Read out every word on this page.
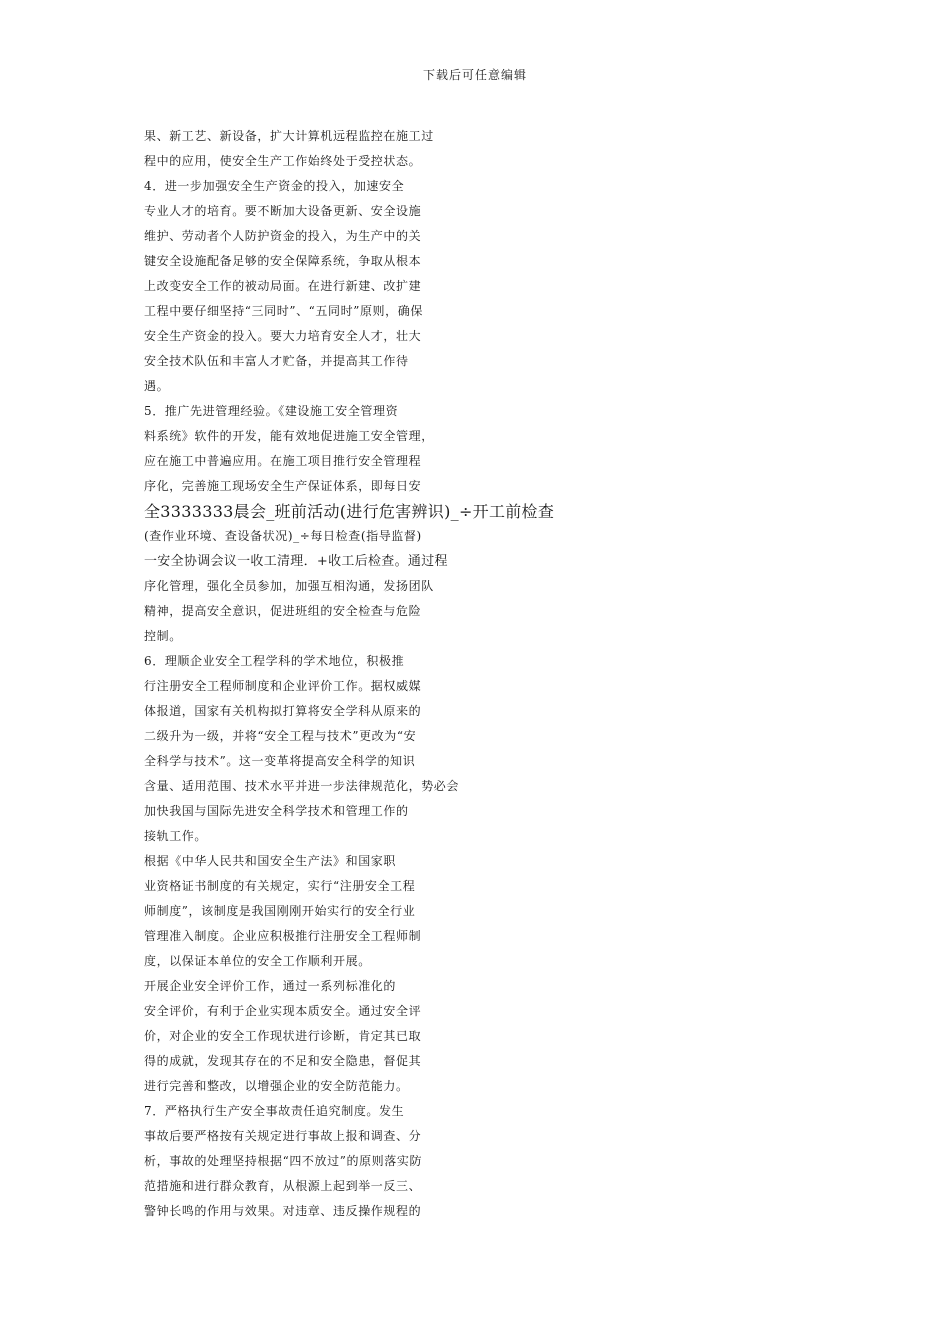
下载后可任意编辑
果、新工艺、新设备，扩大计算机远程监控在施工过
程中的应用，使安全生产工作始终处于受控状态。
4．进一步加强安全生产资金的投入，加速安全
专业人才的培育。要不断加大设备更新、安全设施
维护、劳动者个人防护资金的投入，为生产中的关
键安全设施配备足够的安全保障系统，争取从根本
上改变安全工作的被动局面。在进行新建、改扩建
工程中要仔细坚持“三同时”、“五同时”原则，确保
安全生产资金的投入。要大力培育安全人才，壮大
安全技术队伍和丰富人才贮备，并提高其工作待
遇。
5．推广先进管理经验。《建设施工安全管理资
料系统》软件的开发，能有效地促进施工安全管理，
应在施工中普遍应用。在施工项目推行安全管理程
序化，完善施工现场安全生产保证体系，即每日安
全3333333晨会_班前活动(进行危害辨识)_÷开工前检查
(查作业环境、查设备状况)_÷每日检查(指导监督)
一安全协调会议一收工清理．+收工后检查。通过程
序化管理，强化全员参加，加强互相沟通，发扬团队
精神，提高安全意识，促进班组的安全检查与危险
控制。
6．理顺企业安全工程学科的学术地位，积极推
行注册安全工程师制度和企业评价工作。据权威媒
体报道，国家有关机构拟打算将安全学科从原来的
二级升为一级，并将“安全工程与技术”更改为“安
全科学与技术”。这一变革将提高安全科学的知识
含量、适用范围、技术水平并进一步法律规范化，势必会
加快我国与国际先进安全科学技术和管理工作的
接轨工作。
根据《中华人民共和国安全生产法》和国家职
业资格证书制度的有关规定，实行“注册安全工程
师制度”，该制度是我国刚刚开始实行的安全行业
管理准入制度。企业应积极推行注册安全工程师制
度，以保证本单位的安全工作顺利开展。
开展企业安全评价工作，通过一系列标准化的
安全评价，有利于企业实现本质安全。通过安全评
价，对企业的安全工作现状进行诊断，肯定其已取
得的成就，发现其存在的不足和安全隐患，督促其
进行完善和整改，以增强企业的安全防范能力。
7．严格执行生产安全事故责任追究制度。发生
事故后要严格按有关规定进行事故上报和调查、分
析，事故的处理坚持根据“四不放过”的原则落实防
范措施和进行群众教育，从根源上起到举一反三、
警钟长鸣的作用与效果。对违章、违反操作规程的
